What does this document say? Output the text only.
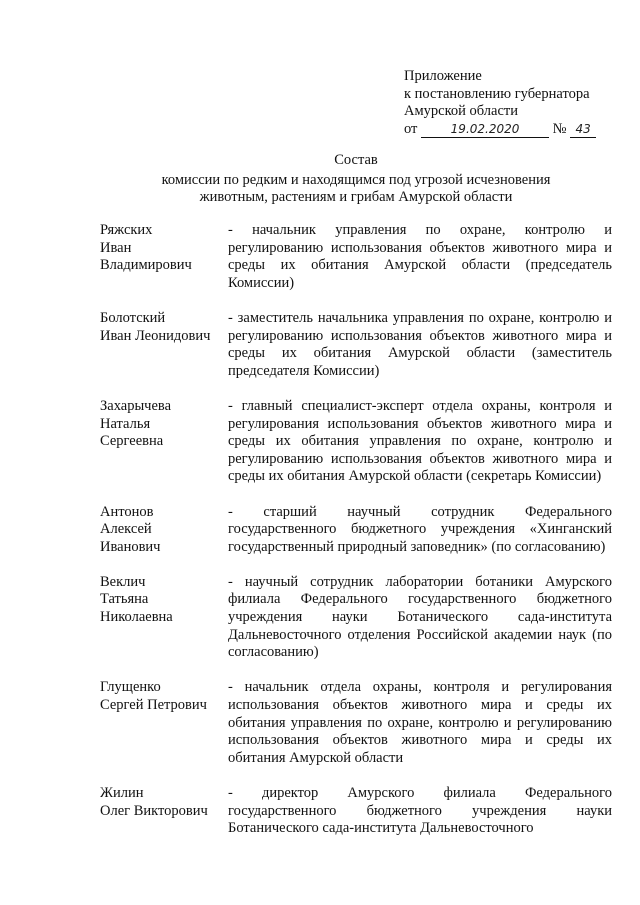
Приложение
к постановлению губернатора
Амурской области
от	19.02.2020 № 43
Состав
комиссии по редким и находящимся под угрозой исчезновения
животным, растениям и грибам Амурской области
Ряжских
Иван
Владимирович
- начальник управления по охране, контролю и регулированию использования объектов животного мира и среды их обитания Амурской области (председатель Комиссии)
Болотский
Иван Леонидович
- заместитель начальника управления по охране, контролю и регулированию использования объектов животного мира и среды их обитания Амурской области (заместитель председателя Комиссии)
Захарычева
Наталья
Сергеевна
- главный специалист-эксперт отдела охраны, контроля и регулирования использования объектов животного мира и среды их обитания управления по охране, контролю и регулированию использования объектов животного мира и среды их обитания Амурской области (секретарь Комиссии)
Антонов
Алексей
Иванович
- старший научный сотрудник Федерального государственного бюджетного учреждения «Хинганский государственный природный заповедник» (по согласованию)
Веклич
Татьяна
Николаевна
- научный сотрудник лаборатории ботаники Амурского филиала Федерального государственного бюджетного учреждения науки Ботанического сада-института Дальневосточного отделения Российской академии наук (по согласованию)
Глущенко
Сергей Петрович
- начальник отдела охраны, контроля и регулирования использования объектов животного мира и среды их обитания управления по охране, контролю и регулированию использования объектов животного мира и среды их обитания Амурской области
Жилин
Олег Викторович
- директор Амурского филиала Федерального государственного бюджетного учреждения науки Ботанического сада-института Дальневосточного
